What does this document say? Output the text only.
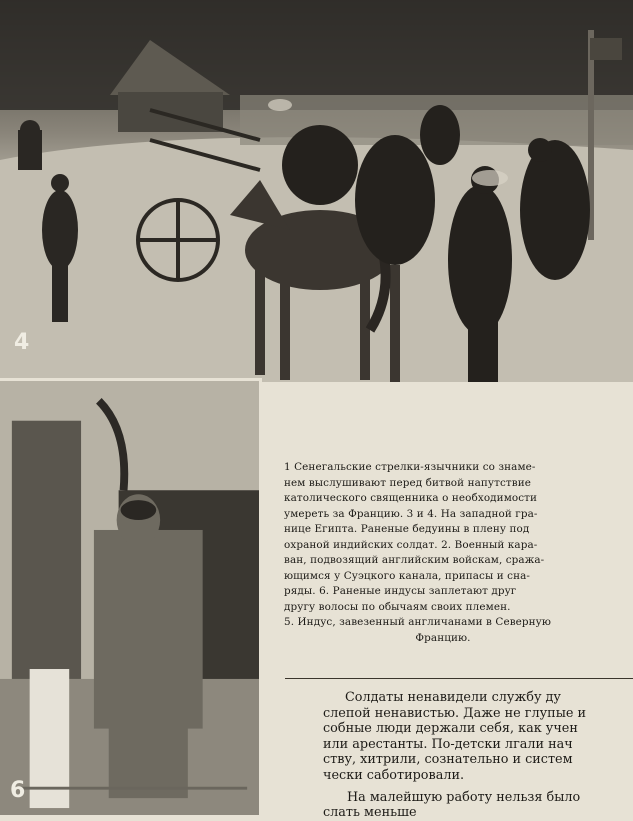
4
6
1 Сенегальские стрелки-язычники со знаме-
нем выслушивают перед битвой напутствие
католического священника о необходимости
умереть за Францию. 3 и 4. На западной гра-
нице Египта. Раненые бедуины в плену под
охраной индийских солдат. 2. Военный кара-
ван, подвозящий английским войскам, сража-
ющимся у Суэцкого канала, припасы и сна-
ряды. 6. Раненые индусы заплетают друг
другу волосы по обычаям своих племен.
5. Индус, завезенный англичанами в Северную

Францию.

Солдаты ненавидели службу ду

слепой ненавистью. Даже не глупые и

собные люди держали себя, как учен

или арестанты. По-детски лгали нач

ству, хитрили, сознательно и систем

чески саботировали.

На малейшую работу нельзя было

слать меньше
